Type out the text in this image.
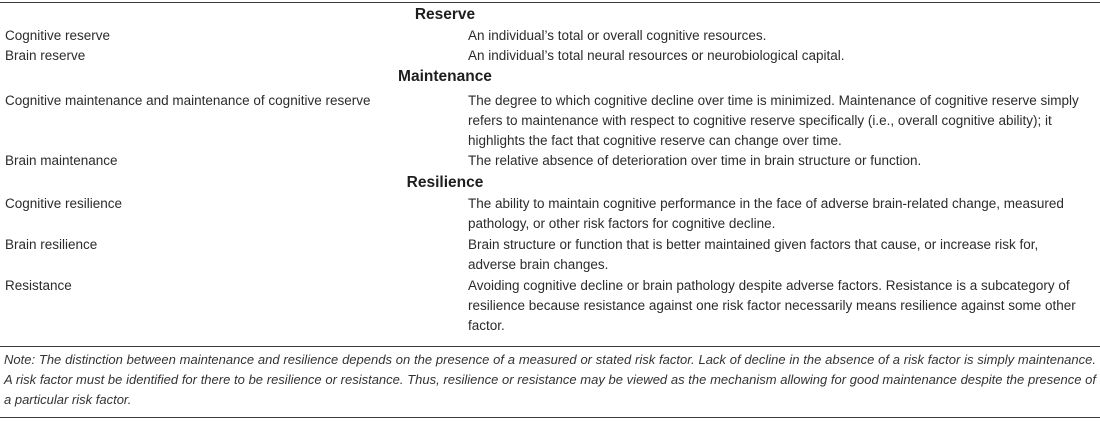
Reserve
Cognitive reserve	An individual’s total or overall cognitive resources.
Brain reserve	An individual’s total neural resources or neurobiological capital.
Maintenance
Cognitive maintenance and maintenance of cognitive reserve	The degree to which cognitive decline over time is minimized. Maintenance of cognitive reserve simply refers to maintenance with respect to cognitive reserve specifically (i.e., overall cognitive ability); it highlights the fact that cognitive reserve can change over time.
Brain maintenance	The relative absence of deterioration over time in brain structure or function.
Resilience
Cognitive resilience	The ability to maintain cognitive performance in the face of adverse brain-related change, measured pathology, or other risk factors for cognitive decline.
Brain resilience	Brain structure or function that is better maintained given factors that cause, or increase risk for, adverse brain changes.
Resistance	Avoiding cognitive decline or brain pathology despite adverse factors. Resistance is a subcategory of resilience because resistance against one risk factor necessarily means resilience against some other factor.
Note: The distinction between maintenance and resilience depends on the presence of a measured or stated risk factor. Lack of decline in the absence of a risk factor is simply maintenance. A risk factor must be identified for there to be resilience or resistance. Thus, resilience or resistance may be viewed as the mechanism allowing for good maintenance despite the presence of a particular risk factor.
